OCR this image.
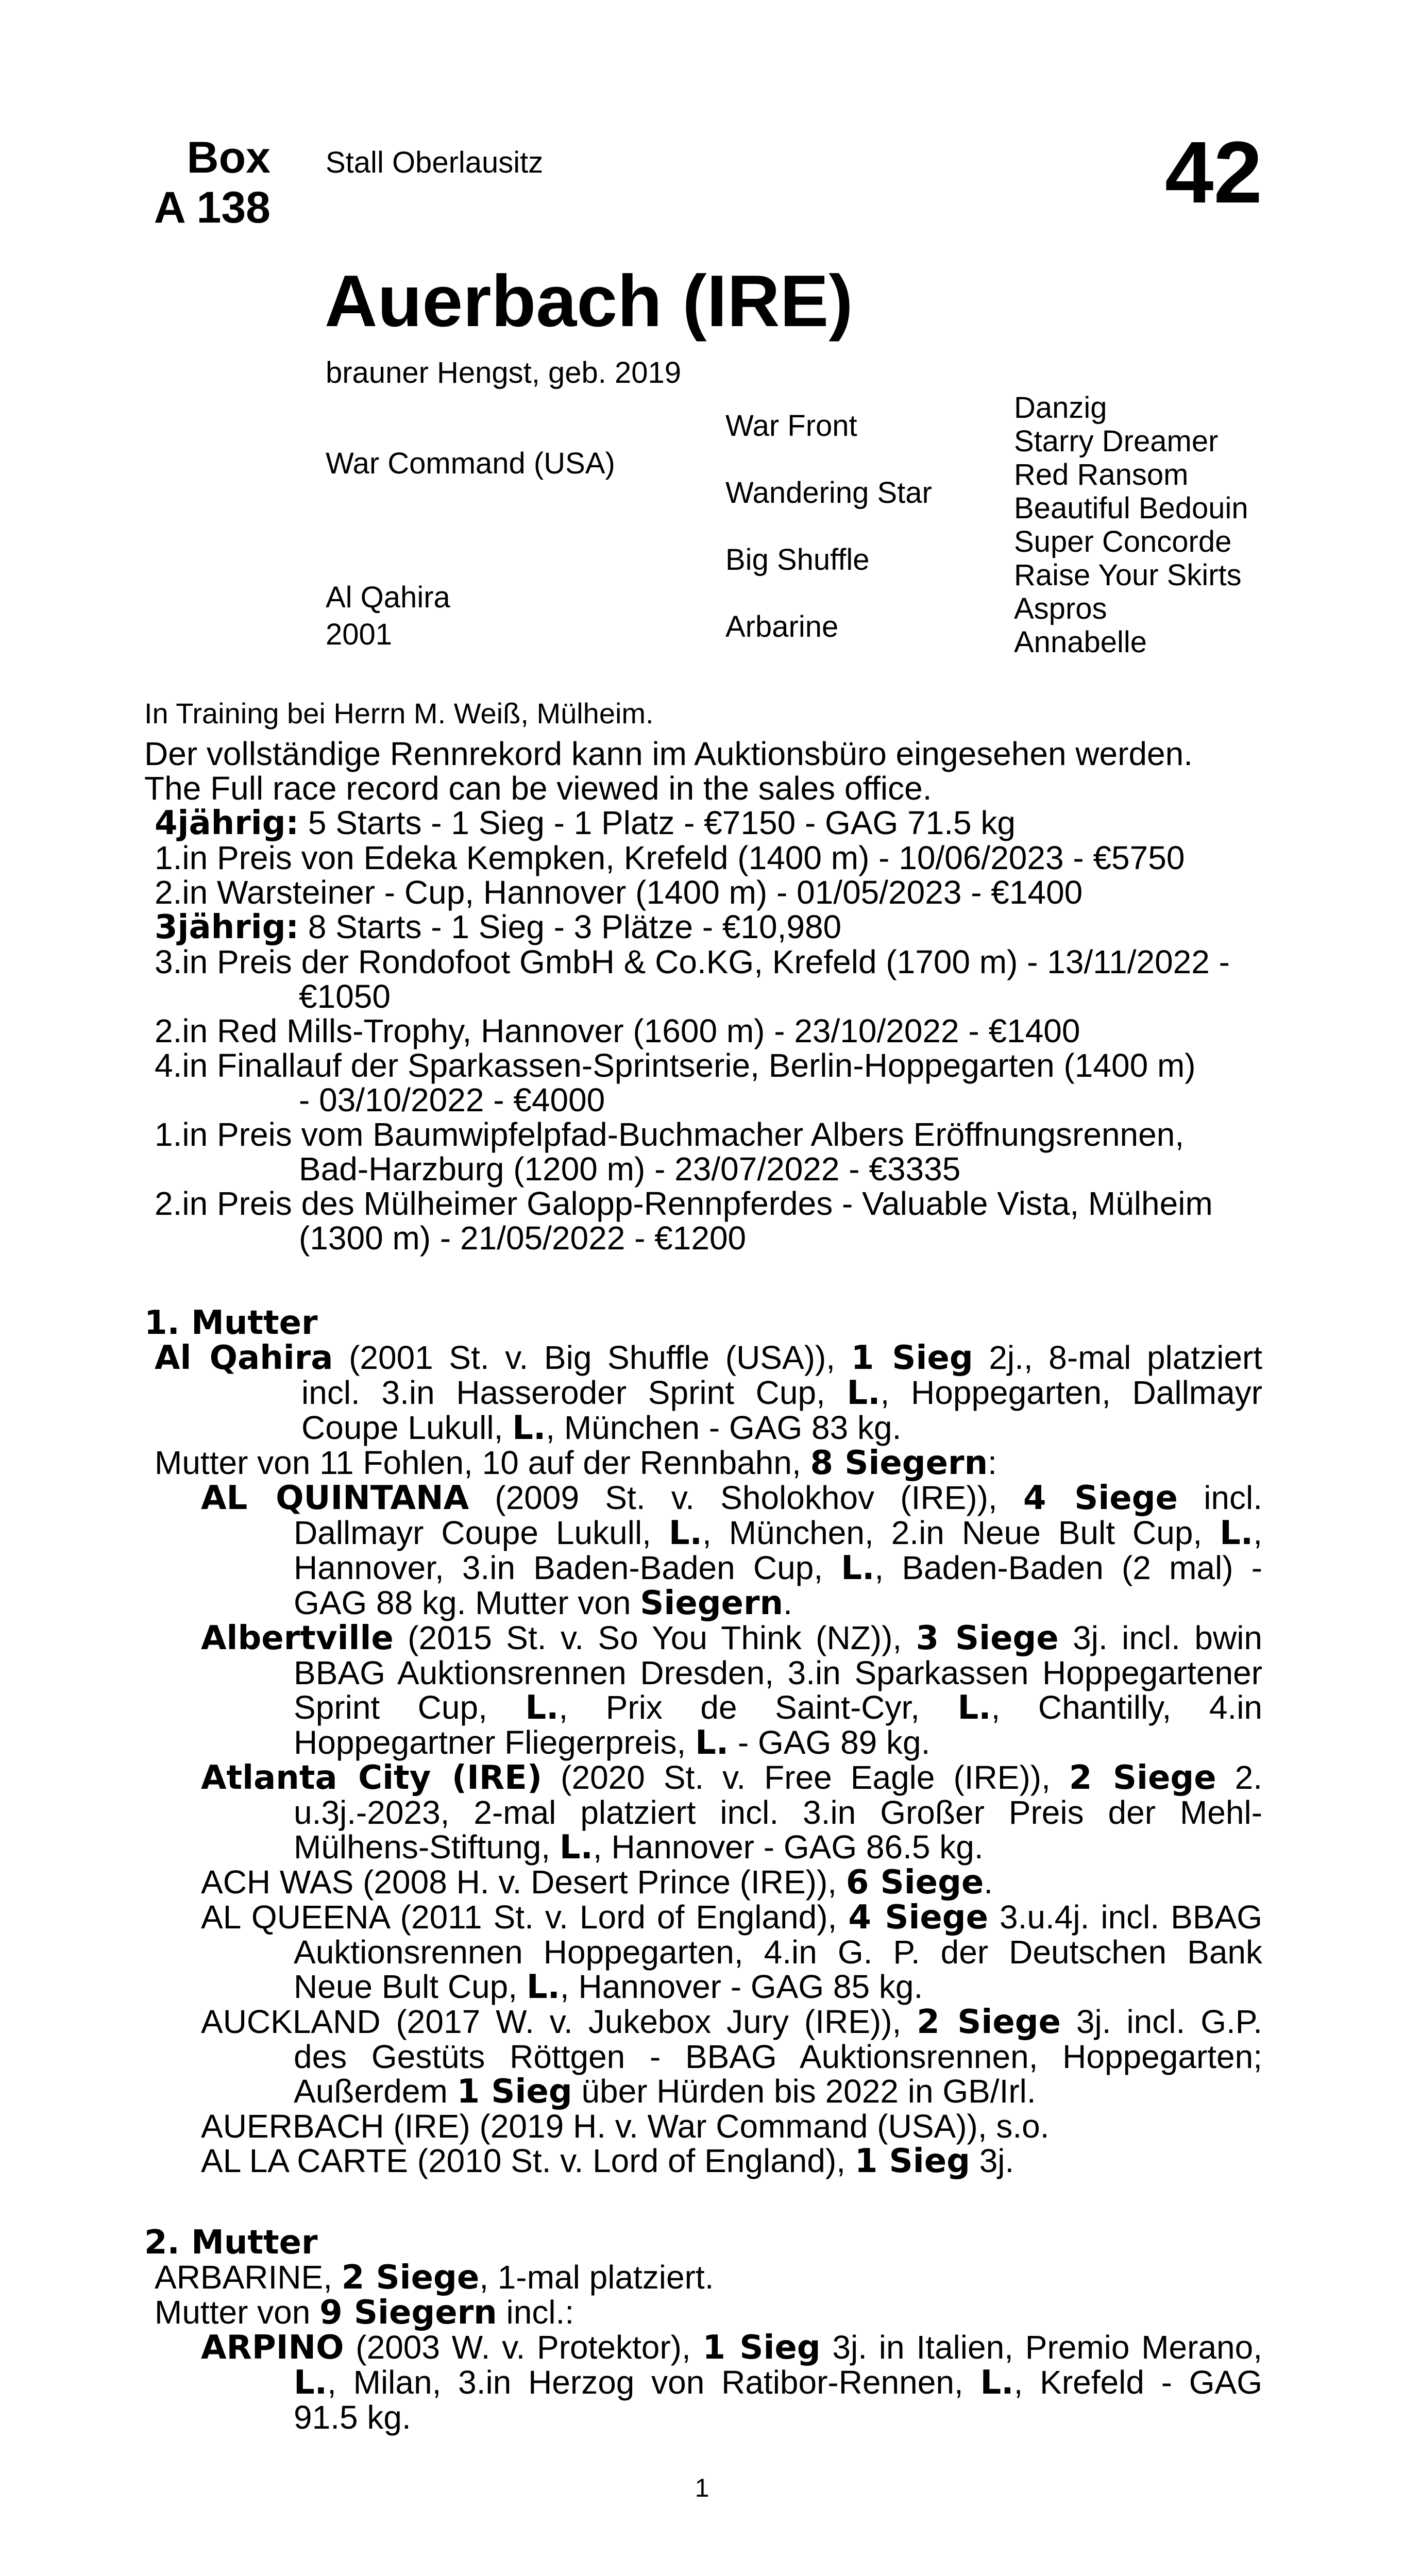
Box
A 138
Stall Oberlausitz	42
Auerbach (IRE)
brauner Hengst, geb. 2019
War Command (USA)
Al Qahira
2001
War Front
Wandering Star
Big Shuffle
Arbarine
Danzig
Starry Dreamer
Red Ransom
Beautiful Bedouin
Super Concorde
Raise Your Skirts
Aspros
Annabelle
In Training bei Herrn M. Weiß, Mülheim.
Der vollständige Rennrekord kann im Auktionsbüro eingesehen werden.
The Full race record can be viewed in the sales office.
4jährig: 5 Starts - 1 Sieg - 1 Platz - €7150 - GAG 71.5 kg
1.in Preis von Edeka Kempken, Krefeld (1400 m) - 10/06/2023 - €5750
2.in Warsteiner - Cup, Hannover (1400 m) - 01/05/2023 - €1400
3jährig: 8 Starts - 1 Sieg - 3 Plätze - €10,980
3.in Preis der Rondofoot GmbH & Co.KG, Krefeld (1700 m) - 13/11/2022 -
€1050
2.in Red Mills-Trophy, Hannover (1600 m) - 23/10/2022 - €1400
4.in Finallauf der Sparkassen-Sprintserie, Berlin-Hoppegarten (1400 m)
- 03/10/2022 - €4000
1.in Preis vom Baumwipfelpfad-Buchmacher Albers Eröffnungsrennen,
Bad-Harzburg (1200 m) - 23/07/2022 - €3335
2.in Preis des Mülheimer Galopp-Rennpferdes - Valuable Vista, Mülheim
(1300 m) - 21/05/2022 - €1200
1. Mutter
Al Qahira (2001 St. v. Big Shuffle (USA)), 1 Sieg 2j., 8-mal platziert
incl. 3.in Hasseroder Sprint Cup, L., Hoppegarten, Dallmayr
Coupe Lukull, L., München - GAG 83 kg.
Mutter von 11 Fohlen, 10 auf der Rennbahn, 8 Siegern:
AL QUINTANA (2009 St. v. Sholokhov (IRE)), 4 Siege incl.
Dallmayr Coupe Lukull, L., München, 2.in Neue Bult Cup, L.,
Hannover, 3.in Baden-Baden Cup, L., Baden-Baden (2 mal) -
GAG 88 kg. Mutter von Siegern.
Albertville (2015 St. v. So You Think (NZ)), 3 Siege 3j. incl. bwin
BBAG Auktionsrennen Dresden, 3.in Sparkassen Hoppegartener
Sprint Cup, L., Prix de Saint-Cyr, L., Chantilly, 4.in
Hoppegartner Fliegerpreis, L. - GAG 89 kg.
Atlanta City (IRE) (2020 St. v. Free Eagle (IRE)), 2 Siege 2.
u.3j.-2023, 2-mal platziert incl. 3.in Großer Preis der Mehl-
Mülhens-Stiftung, L., Hannover - GAG 86.5 kg.
ACH WAS (2008 H. v. Desert Prince (IRE)), 6 Siege.
AL QUEENA (2011 St. v. Lord of England), 4 Siege 3.u.4j. incl. BBAG
Auktionsrennen Hoppegarten, 4.in G. P. der Deutschen Bank
Neue Bult Cup, L., Hannover - GAG 85 kg.
AUCKLAND (2017 W. v. Jukebox Jury (IRE)), 2 Siege 3j. incl. G.P.
des Gestüts Röttgen - BBAG Auktionsrennen, Hoppegarten;
Außerdem 1 Sieg über Hürden bis 2022 in GB/Irl.
AUERBACH (IRE) (2019 H. v. War Command (USA)), s.o.
AL LA CARTE (2010 St. v. Lord of England), 1 Sieg 3j.
2. Mutter
ARBARINE, 2 Siege, 1-mal platziert.
Mutter von 9 Siegern incl.:
ARPINO (2003 W. v. Protektor), 1 Sieg 3j. in Italien, Premio Merano,
L., Milan, 3.in Herzog von Ratibor-Rennen, L., Krefeld - GAG
91.5 kg.
1
